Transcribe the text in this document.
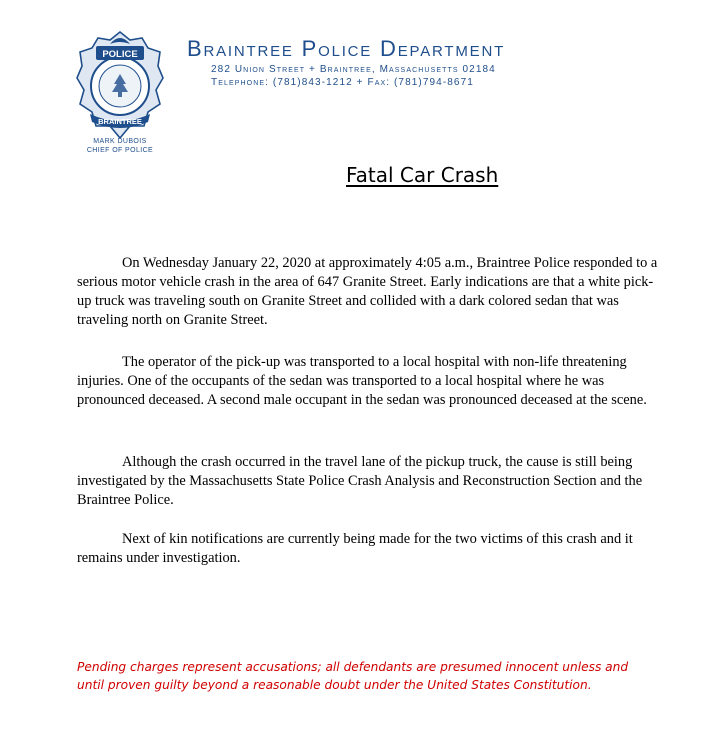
POLICE
BRAINTREE
MARK DUBOIS
CHIEF OF POLICE
Braintree Police Department
282 Union Street + Braintree, Massachusetts 02184
Telephone: (781)843-1212 + Fax: (781)794-8671
Fatal Car Crash

On Wednesday January 22, 2020 at approximately 4:05 a.m., Braintree Police responded to a serious motor vehicle crash in the area of 647 Granite Street. Early indications are that a white pick-up truck was traveling south on Granite Street and collided with a dark colored sedan that was traveling north on Granite Street.

The operator of the pick-up was transported to a local hospital with non-life threatening injuries. One of the occupants of the sedan was transported to a local hospital where he was pronounced deceased. A second male occupant in the sedan was pronounced deceased at the scene.

Although the crash occurred in the travel lane of the pickup truck, the cause is still being investigated by the Massachusetts State Police Crash Analysis and Reconstruction Section and the Braintree Police.

Next of kin notifications are currently being made for the two victims of this crash and it remains under investigation.

Pending charges represent accusations; all defendants are presumed innocent unless and until proven guilty beyond a reasonable doubt under the United States Constitution.
